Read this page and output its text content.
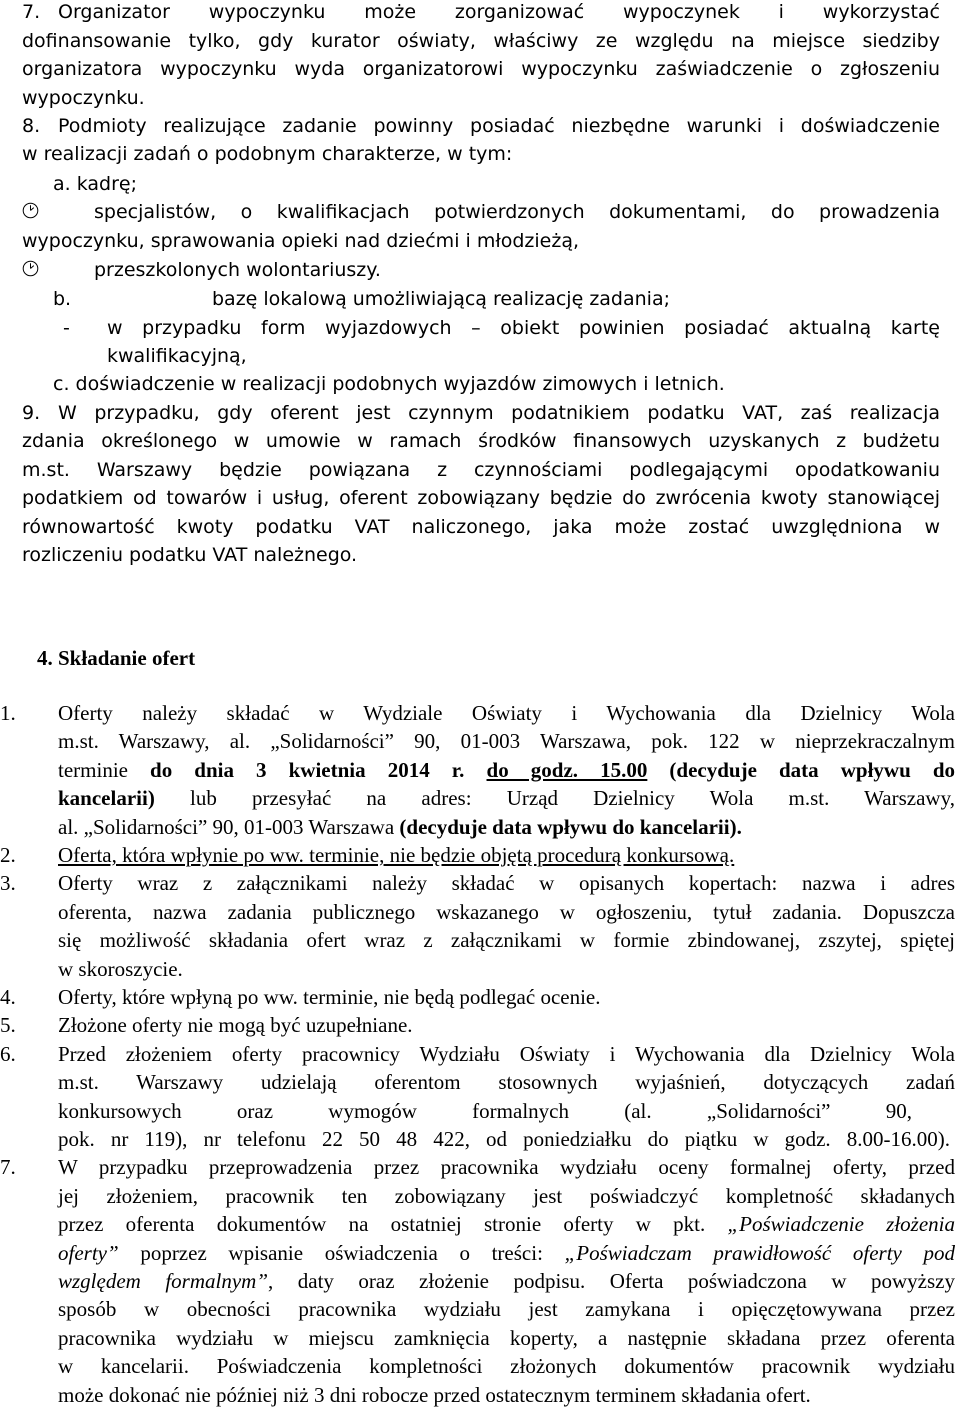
7. Organizator wypoczynku może zorganizować wypoczynek i wykorzystać
dofinansowanie tylko, gdy kurator oświaty, właściwy ze względu na miejsce siedziby
organizatora wypoczynku wyda organizatorowi wypoczynku zaświadczenie o zgłoszeniu
wypoczynku.
8. Podmioty realizujące zadanie powinny posiadać niezbędne warunki i doświadczenie
w realizacji zadań o podobnym charakterze, w tym:
a. kadrę;
specjalistów, o kwalifikacjach potwierdzonych dokumentami, do prowadzenia
wypoczynku, sprawowania opieki nad dziećmi i młodzieżą,
przeszkolonych wolontariuszy.
b.	bazę lokalową umożliwiającą realizację zadania;
- w przypadku form wyjazdowych – obiekt powinien posiadać aktualną kartę
kwalifikacyjną,
c. doświadczenie w realizacji podobnych wyjazdów zimowych i letnich.
9. W przypadku, gdy oferent jest czynnym podatnikiem podatku VAT, zaś realizacja
zdania określonego w umowie w ramach środków finansowych uzyskanych z budżetu
m.st. Warszawy będzie powiązana z czynnościami podlegającymi opodatkowaniu
podatkiem od towarów i usług, oferent zobowiązany będzie do zwrócenia kwoty stanowiącej
równowartość kwoty podatku VAT naliczonego, jaka może zostać uwzględniona w
rozliczeniu podatku VAT należnego.
4. Składanie ofert
1. Oferty należy składać w Wydziale Oświaty i Wychowania dla Dzielnicy Wola
m.st. Warszawy, al. „Solidarności” 90, 01-003 Warszawa, pok. 122 w nieprzekraczalnym
terminie do dnia 3 kwietnia 2014 r. do godz. 15.00 (decyduje data wpływu do
kancelarii) lub przesyłać na adres: Urząd Dzielnicy Wola m.st. Warszawy,
al. „Solidarności” 90, 01-003 Warszawa (decyduje data wpływu do kancelarii).
2. Oferta, która wpłynie po ww. terminie, nie będzie objętą procedurą konkursową.
3. Oferty wraz z załącznikami należy składać w opisanych kopertach: nazwa i adres
oferenta, nazwa zadania publicznego wskazanego w ogłoszeniu, tytuł zadania. Dopuszcza
się możliwość składania ofert wraz z załącznikami w formie zbindowanej, zszytej, spiętej
w skoroszycie.
4. Oferty, które wpłyną po ww. terminie, nie będą podlegać ocenie.
5. Złożone oferty nie mogą być uzupełniane.
6. Przed złożeniem oferty pracownicy Wydziału Oświaty i Wychowania dla Dzielnicy Wola
m.st. Warszawy udzielają oferentom stosownych wyjaśnień, dotyczących zadań
konkursowych oraz wymogów formalnych (al. „Solidarności” 90,
pok. nr 119), nr telefonu 22 50 48 422, od poniedziałku do piątku w godz. 8.00-16.00).
7. W przypadku przeprowadzenia przez pracownika wydziału oceny formalnej oferty, przed
jej złożeniem, pracownik ten zobowiązany jest poświadczyć kompletność składanych
przez oferenta dokumentów na ostatniej stronie oferty w pkt. „Poświadczenie złożenia
oferty” poprzez wpisanie oświadczenia o treści: „Poświadczam prawidłowość oferty pod
względem formalnym”, daty oraz złożenie podpisu. Oferta poświadczona w powyższy
sposób w obecności pracownika wydziału jest zamykana i opięczętowywana przez
pracownika wydziału w miejscu zamknięcia koperty, a następnie składana przez oferenta
w kancelarii. Poświadczenia kompletności złożonych dokumentów pracownik wydziału
może dokonać nie później niż 3 dni robocze przed ostatecznym terminem składania ofert.
